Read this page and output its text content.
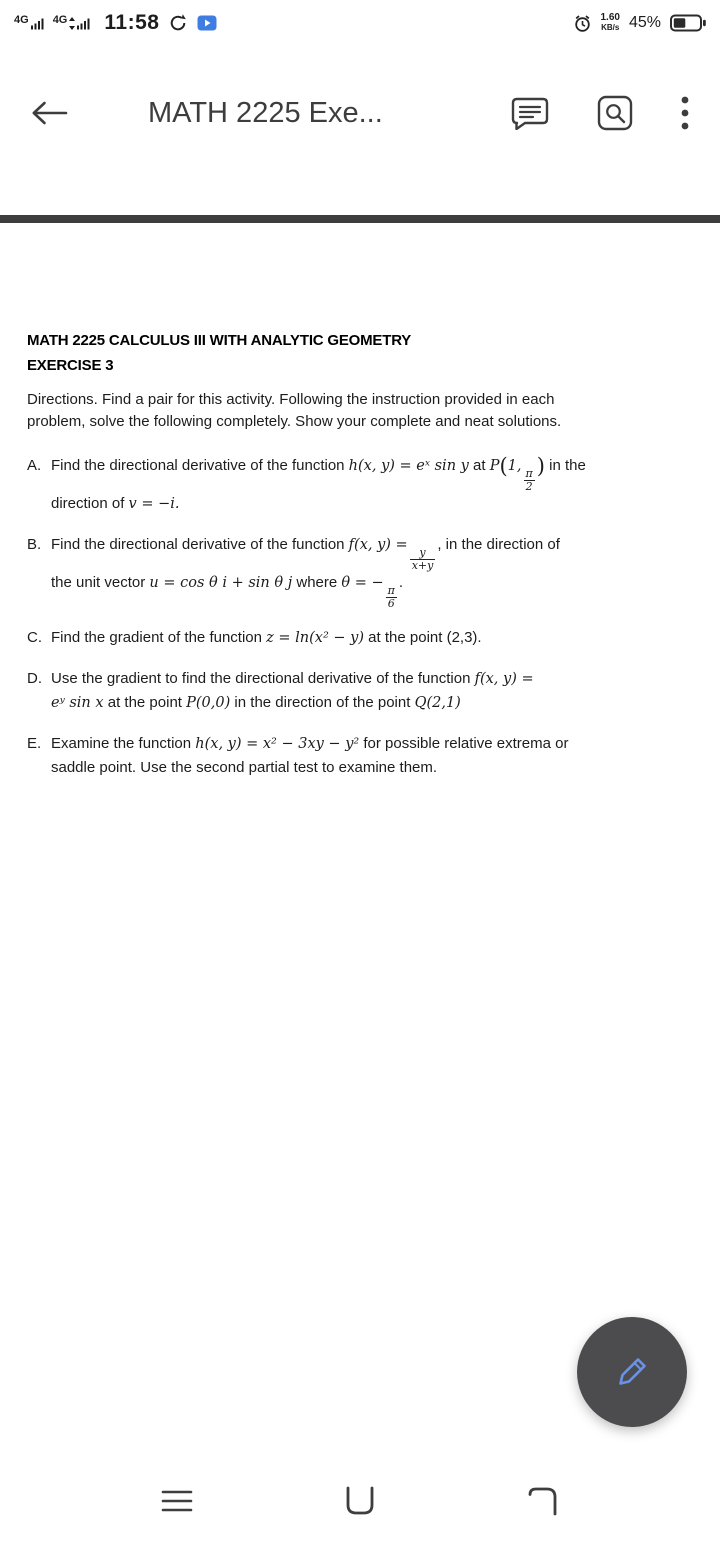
4G 4G 11:58	1.60
KB/s 45%
MATH 2225 Exe...
MATH 2225 CALCULUS III WITH ANALYTIC GEOMETRY
EXERCISE 3
Directions. Find a pair for this activity. Following the instruction provided in each
problem, solve the following completely. Show your complete and neat solutions.
A. Find the directional derivative of the function h(x, y) = eˣ sin y at P(1,
$\frac{\pi}{2}$
) in the
direction of v = −i.
B. Find the directional derivative of the function f(x, y) =
$\frac{y}{x+y}$
, in the direction of
the unit vector u = cos θ i + sin θ j where θ = −
$\frac{\pi}{6}$
.
C. Find the gradient of the function z = ln(x² − y) at the point (2,3).
D. Use the gradient to find the directional derivative of the function f(x, y) =
eʸ sin x at the point P(0,0) in the direction of the point Q(2,1)
E. Examine the function h(x, y) = x² − 3xy − y² for possible relative extrema or
saddle point. Use the second partial test to examine them.
